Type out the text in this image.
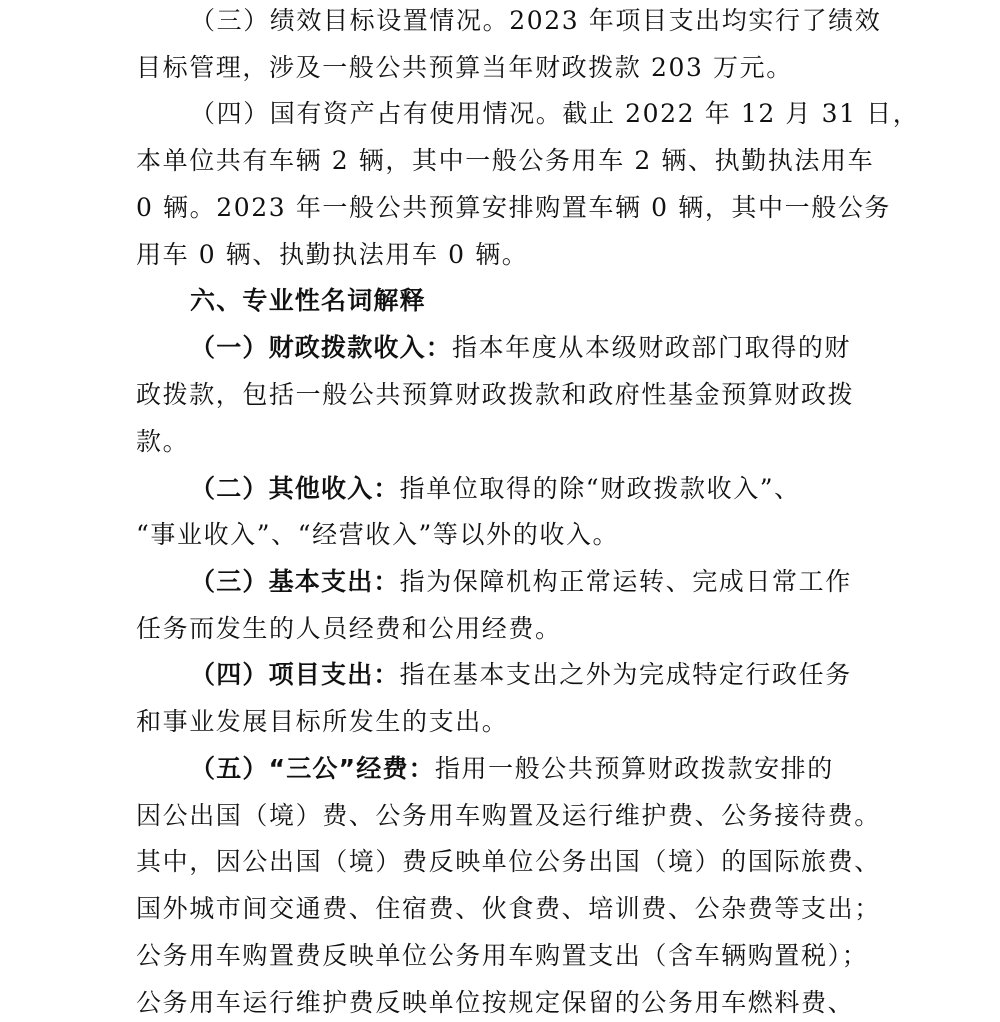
（三）绩效目标设置情况。2023 年项目支出均实行了绩效
目标管理，涉及一般公共预算当年财政拨款 203 万元。
（四）国有资产占有使用情况。截止 2022 年 12 月 31 日，
本单位共有车辆 2 辆，其中一般公务用车 2 辆、执勤执法用车
0 辆。2023 年一般公共预算安排购置车辆 0 辆，其中一般公务
用车 0 辆、执勤执法用车 0 辆。
六、专业性名词解释
（一）财政拨款收入：指本年度从本级财政部门取得的财
政拨款，包括一般公共预算财政拨款和政府性基金预算财政拨
款。
（二）其他收入：指单位取得的除“财政拨款收入”、
“事业收入”、“经营收入”等以外的收入。
（三）基本支出：指为保障机构正常运转、完成日常工作
任务而发生的人员经费和公用经费。
（四）项目支出：指在基本支出之外为完成特定行政任务
和事业发展目标所发生的支出。
（五）“三公”经费：指用一般公共预算财政拨款安排的
因公出国（境）费、公务用车购置及运行维护费、公务接待费。
其中，因公出国（境）费反映单位公务出国（境）的国际旅费、
国外城市间交通费、住宿费、伙食费、培训费、公杂费等支出；
公务用车购置费反映单位公务用车购置支出（含车辆购置税）；
公务用车运行维护费反映单位按规定保留的公务用车燃料费、
